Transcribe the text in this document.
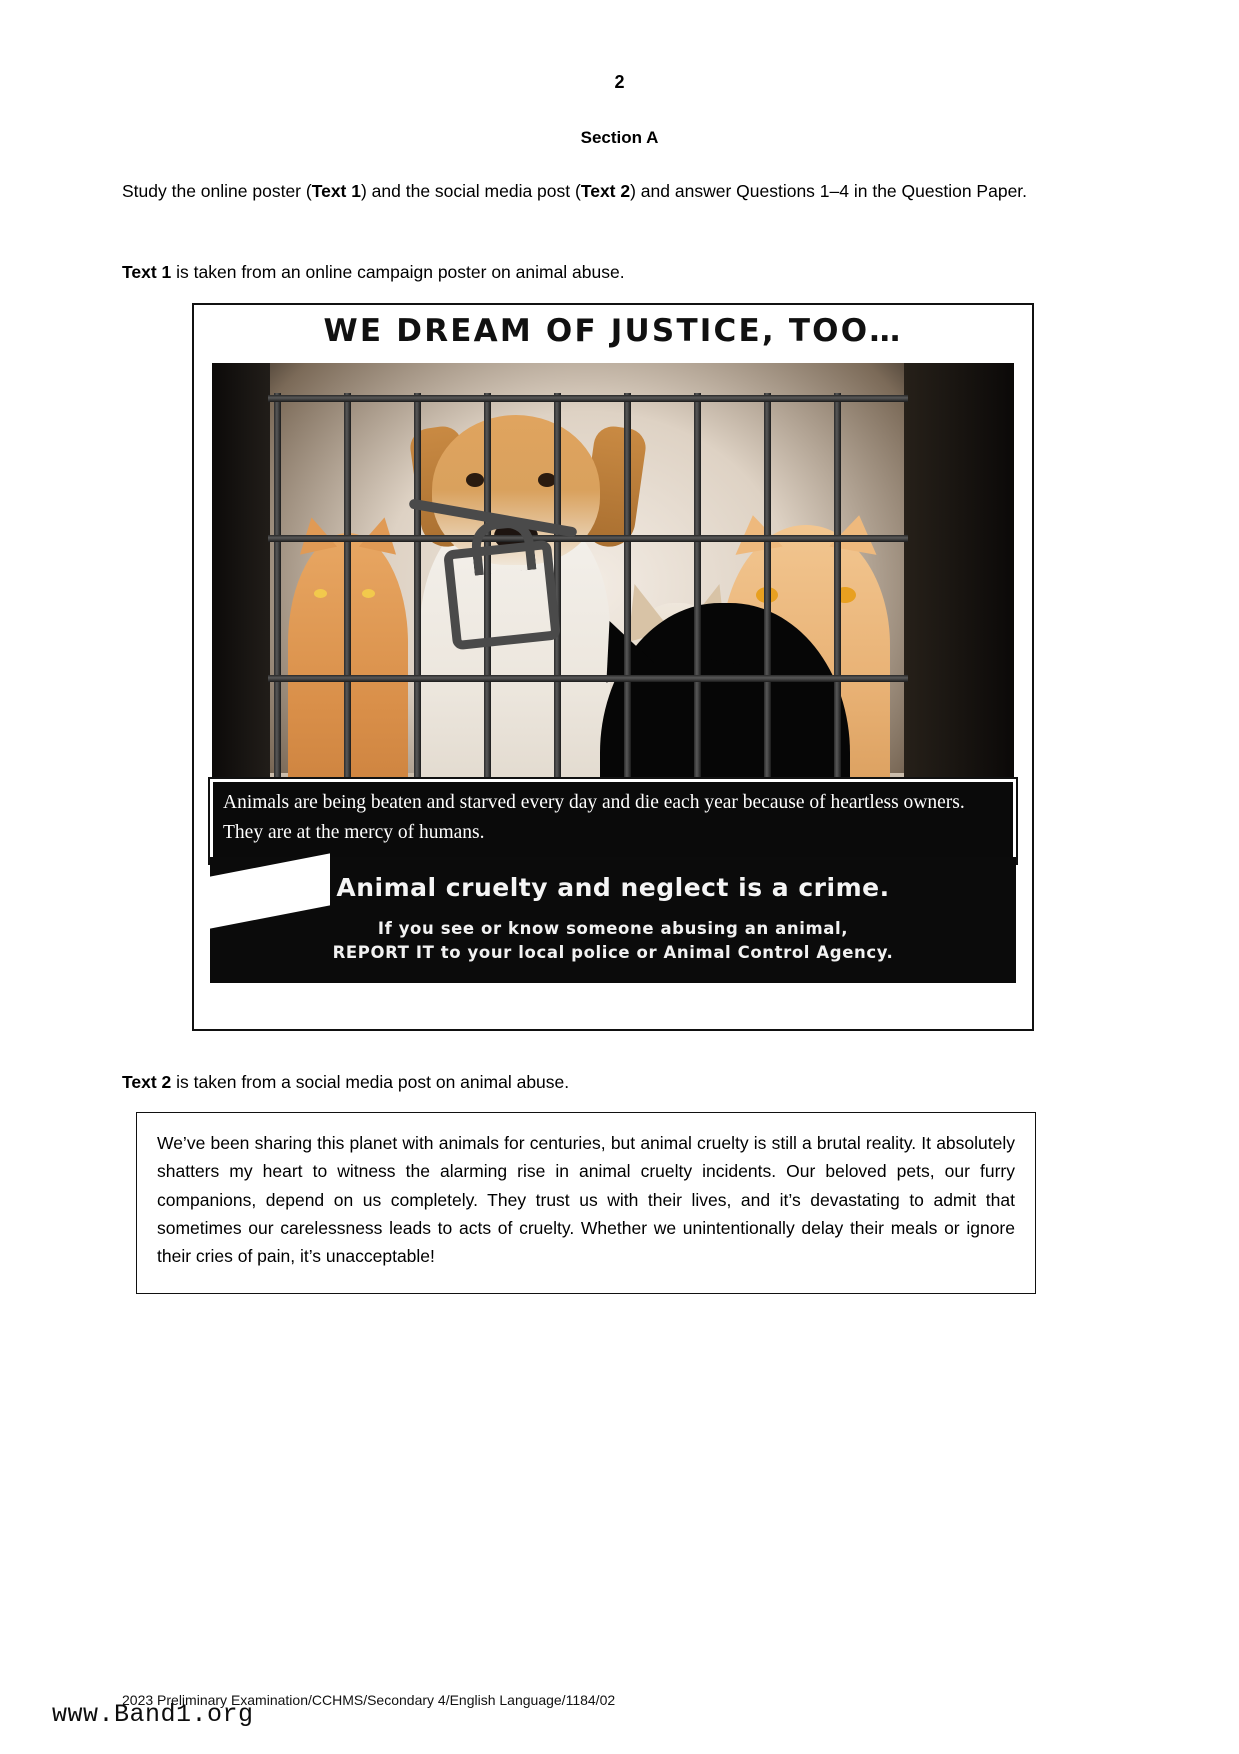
2
Section A
Study the online poster (Text 1) and the social media post (Text 2) and answer Questions 1–4 in the Question Paper.
Text 1 is taken from an online campaign poster on animal abuse.
WE DREAM OF JUSTICE, TOO…
Animals are being beaten and starved every day and die each year because of heartless owners. They are at the mercy of humans.
Animal cruelty and neglect is a crime.
If you see or know someone abusing an animal,
REPORT IT to your local police or Animal Control Agency.
Text 2 is taken from a social media post on animal abuse.
We’ve been sharing this planet with animals for centuries, but animal cruelty is still a brutal reality. It absolutely shatters my heart to witness the alarming rise in animal cruelty incidents. Our beloved pets, our furry companions, depend on us completely. They trust us with their lives, and it’s devastating to admit that sometimes our carelessness leads to acts of cruelty. Whether we unintentionally delay their meals or ignore their cries of pain, it’s unacceptable!
2023 Preliminary Examination/CCHMS/Secondary 4/English Language/1184/02
www.Band1.org
